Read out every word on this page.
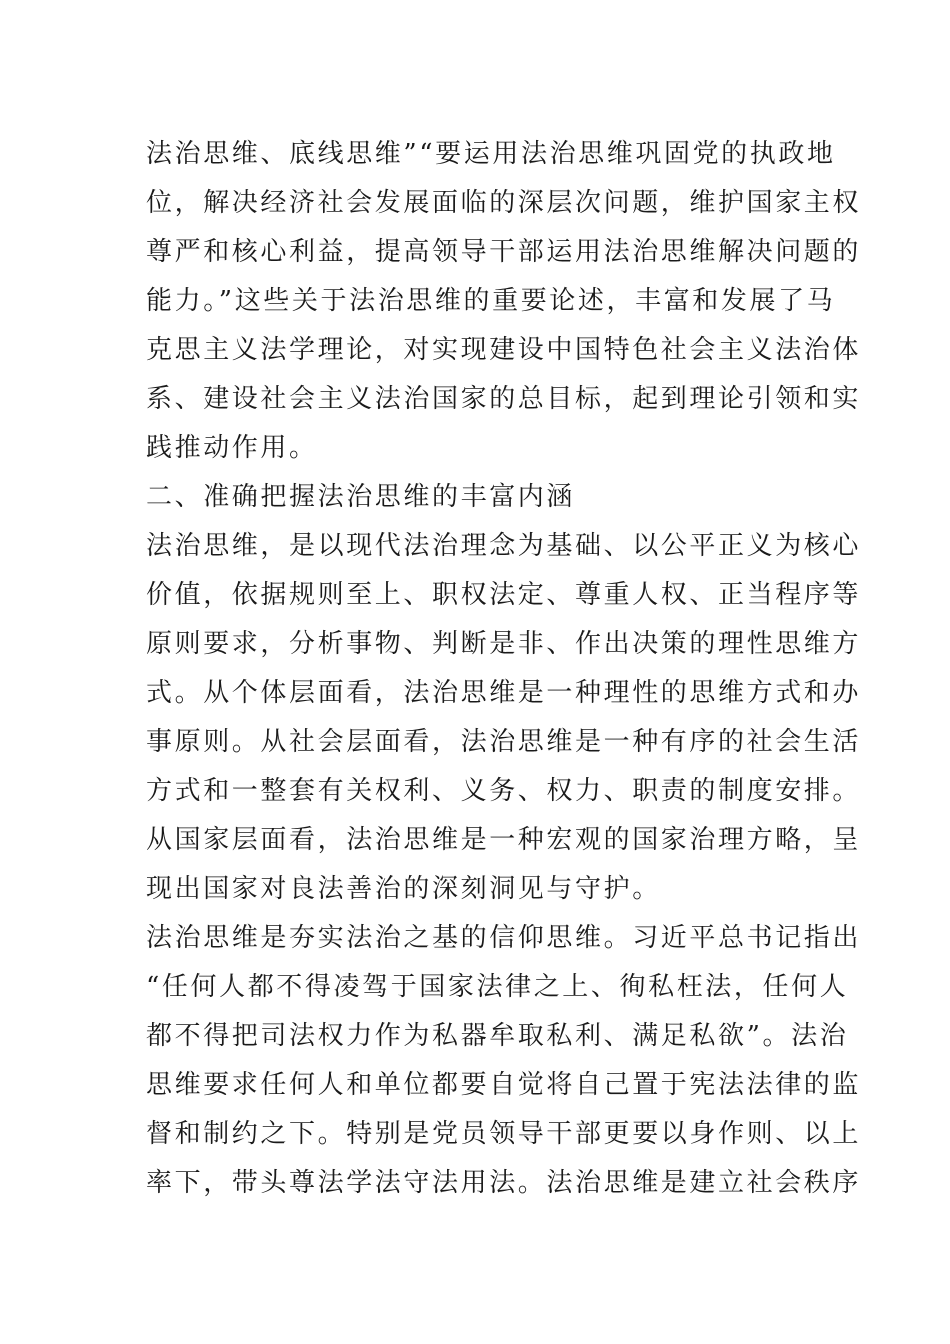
法治思维、底线思维”“要运用法治思维巩固党的执政地
位，解决经济社会发展面临的深层次问题，维护国家主权
尊严和核心利益，提高领导干部运用法治思维解决问题的
能力。”这些关于法治思维的重要论述，丰富和发展了马
克思主义法学理论，对实现建设中国特色社会主义法治体
系、建设社会主义法治国家的总目标，起到理论引领和实
践推动作用。
二、准确把握法治思维的丰富内涵
法治思维，是以现代法治理念为基础、以公平正义为核心
价值，依据规则至上、职权法定、尊重人权、正当程序等
原则要求，分析事物、判断是非、作出决策的理性思维方
式。从个体层面看，法治思维是一种理性的思维方式和办
事原则。从社会层面看，法治思维是一种有序的社会生活
方式和一整套有关权利、义务、权力、职责的制度安排。
从国家层面看，法治思维是一种宏观的国家治理方略，呈
现出国家对良法善治的深刻洞见与守护。
法治思维是夯实法治之基的信仰思维。习近平总书记指出
“任何人都不得凌驾于国家法律之上、徇私枉法，任何人
都不得把司法权力作为私器牟取私利、满足私欲”。法治
思维要求任何人和单位都要自觉将自己置于宪法法律的监
督和制约之下。特别是党员领导干部更要以身作则、以上
率下，带头尊法学法守法用法。法治思维是建立社会秩序
